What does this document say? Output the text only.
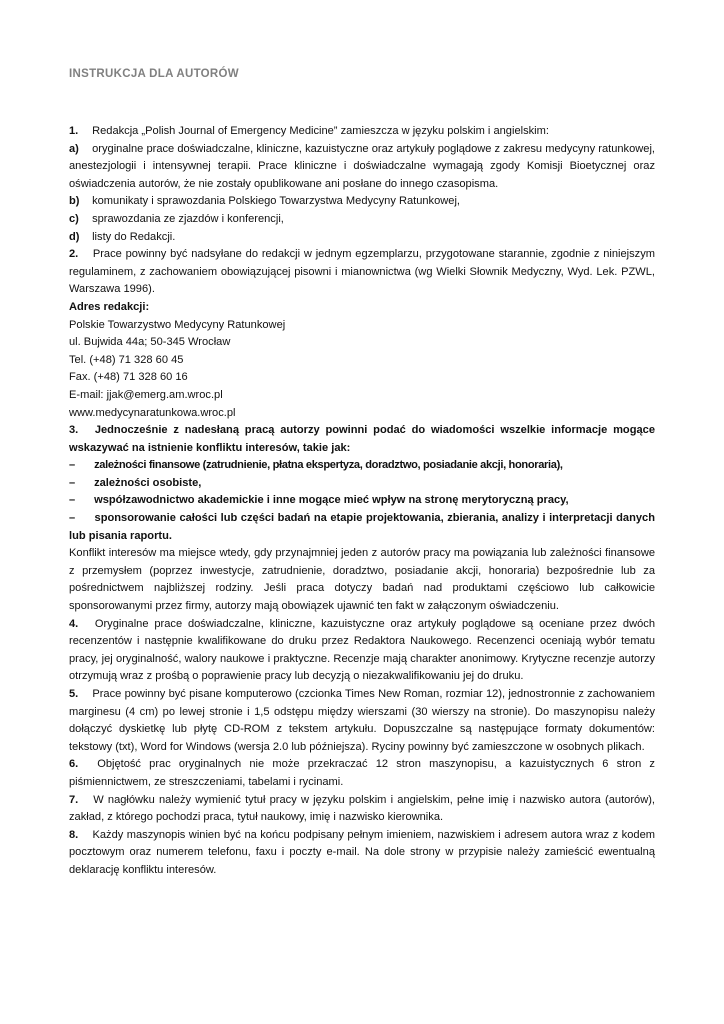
INSTRUKCJA DLA AUTORÓW

1. Redakcja „Polish Journal of Emergency Medicine” zamieszcza w języku polskim i angielskim:

a) oryginalne prace doświadczalne, kliniczne, kazuistyczne oraz artykuły poglądowe z zakresu medycyny ratunkowej, anestezjologii i intensywnej terapii. Prace kliniczne i doświadczalne wymagają zgody Komisji Bioetycznej oraz oświadczenia autorów, że nie zostały opublikowane ani posłane do innego czasopisma.

b) komunikaty i sprawozdania Polskiego Towarzystwa Medycyny Ratunkowej,

c) sprawozdania ze zjazdów i konferencji,

d) listy do Redakcji.

2. Prace powinny być nadsyłane do redakcji w jednym egzemplarzu, przygotowane starannie, zgodnie z niniejszym regulaminem, z zachowaniem obowiązującej pisowni i mianownictwa (wg Wielki Słownik Medyczny, Wyd. Lek. PZWL, Warszawa 1996).

Adres redakcji:

Polskie Towarzystwo Medycyny Ratunkowej

ul. Bujwida 44a; 50-345 Wrocław

Tel. (+48) 71 328 60 45

Fax. (+48) 71 328 60 16

E-mail: jjak@emerg.am.wroc.pl

www.medycynaratunkowa.wroc.pl

3. Jednocześnie z nadesłaną pracą autorzy powinni podać do wiadomości wszelkie informacje mogące wskazywać na istnienie konfliktu interesów, takie jak:

– zależności finansowe (zatrudnienie, płatna ekspertyza, doradztwo, posiadanie akcji, honoraria),

– zależności osobiste,

– współzawodnictwo akademickie i inne mogące mieć wpływ na stronę merytoryczną pracy,

– sponsorowanie całości lub części badań na etapie projektowania, zbierania, analizy i interpretacji danych lub pisania raportu.

Konflikt interesów ma miejsce wtedy, gdy przynajmniej jeden z autorów pracy ma powiązania lub zależności finansowe z przemysłem (poprzez inwestycje, zatrudnienie, doradztwo, posiadanie akcji, honoraria) bezpośrednie lub za pośrednictwem najbliższej rodziny. Jeśli praca dotyczy badań nad produktami częściowo lub całkowicie sponsorowanymi przez firmy, autorzy mają obowiązek ujawnić ten fakt w załączonym oświadczeniu.

4. Oryginalne prace doświadczalne, kliniczne, kazuistyczne oraz artykuły poglądowe są oceniane przez dwóch recenzentów i następnie kwalifikowane do druku przez Redaktora Naukowego. Recenzenci oceniają wybór tematu pracy, jej oryginalność, walory naukowe i praktyczne. Recenzje mają charakter anonimowy. Krytyczne recenzje autorzy otrzymują wraz z prośbą o poprawienie pracy lub decyzją o niezakwalifikowaniu jej do druku.

5. Prace powinny być pisane komputerowo (czcionka Times New Roman, rozmiar 12), jednostronnie z zachowaniem marginesu (4 cm) po lewej stronie i 1,5 odstępu między wierszami (30 wierszy na stronie). Do maszynopisu należy dołączyć dyskietkę lub płytę CD-ROM z tekstem artykułu. Dopuszczalne są następujące formaty dokumentów: tekstowy (txt), Word for Windows (wersja 2.0 lub późniejsza). Ryciny powinny być zamieszczone w osobnych plikach.

6. Objętość prac oryginalnych nie może przekraczać 12 stron maszynopisu, a kazuistycznych 6 stron z piśmiennictwem, ze streszczeniami, tabelami i rycinami.

7. W nagłówku należy wymienić tytuł pracy w języku polskim i angielskim, pełne imię i nazwisko autora (autorów), zakład, z którego pochodzi praca, tytuł naukowy, imię i nazwisko kierownika.

8. Każdy maszynopis winien być na końcu podpisany pełnym imieniem, nazwiskiem i adresem autora wraz z kodem pocztowym oraz numerem telefonu, faxu i poczty e-mail. Na dole strony w przypisie należy zamieścić ewentualną deklarację konfliktu interesów.
